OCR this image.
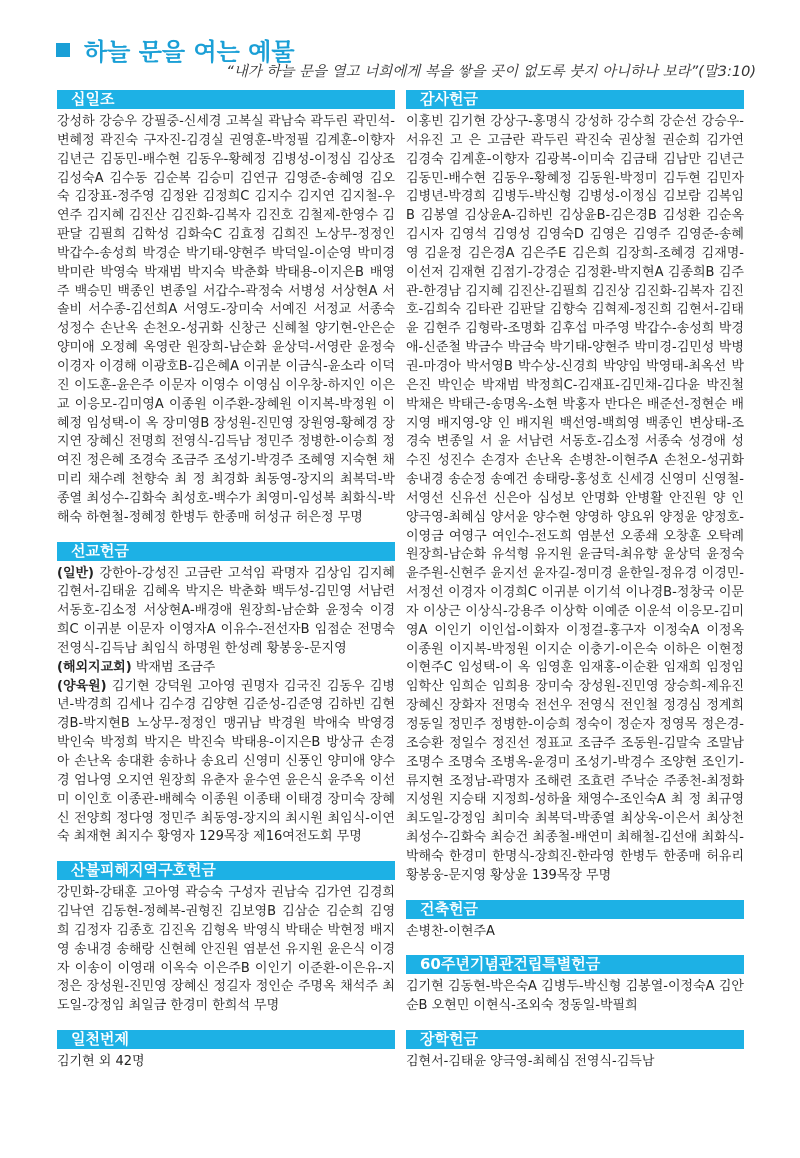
하늘 문을 여는 예물
“내가 하늘 문을 열고 너희에게 복을 쌓을 곳이 없도록 붓지 아니하나 보라”(말3:10)
십일조
강성하 강승우 강필중-신세경 고복실 곽남숙 곽두린 곽민석-변혜정 곽진숙 구자진-김경실 권영훈-박정필 김계훈-이향자 김년근 김동민-배수현 김동우-황혜정 김병성-이정심 김상조 김성숙A 김수동 김순복 김승미 김연규 김영준-송혜영 김오숙 김장표-정주영 김정완 김정희C 김지수 김지연 김지철-우연주 김지혜 김진산 김진화-김복자 김진호 김철제-한영수 김판달 김필희 김학성 김화숙C 김효정 김희진 노상무-정정인 박갑수-송성희 박경순 박기태-양현주 박덕일-이순영 박미경 박미란 박영숙 박재범 박지숙 박춘화 박태용-이지은B 배영주 백승민 백종인 변종일 서갑수-곽정숙 서병성 서상현A 서솔비 서수종-김선희A 서영도-장미숙 서예진 서정교 서종숙 성정수 손난옥 손천오-성귀화 신창근 신혜철 양기현-안은순 양미애 오정혜 옥영란 원장희-남순화 윤상덕-서영란 윤정숙 이경자 이경해 이광호B-김은혜A 이귀분 이금식-윤소라 이덕진 이도훈-윤은주 이문자 이영수 이영심 이우창-하지인 이은교 이응모-김미영A 이종원 이주환-장혜원 이지복-박정원 이혜정 임성택-이 옥 장미영B 장성원-진민영 장원영-황혜경 장지연 장혜신 전명희 전영식-김득남 정민주 정병한-이승희 정여진 정은혜 조경숙 조금주 조성기-박경주 조혜영 지숙현 채미리 채수례 천향숙 최 정 최경화 최동영-장지의 최복덕-박종열 최성수-김화숙 최성호-백수가 최영미-임성복 최화식-박해숙 하현철-정혜정 한병두 한종매 허성규 허은정 무명
선교헌금

(일반) 강한아-강성진 고금란 고석임 곽명자 김상임 김지혜 김현서-김태윤 김혜옥 박지은 박춘화 백두성-김민영 서남련 서동호-김소정 서상현A-배경애 원장희-남순화 윤정숙 이경희C 이귀분 이문자 이영자A 이유수-전선자B 임점순 전명숙 전영식-김득남 최임식 하명원 한성례 황봉웅-문지영

(해외지교회) 박재범 조금주

(양육원) 김기현 강덕원 고아영 권명자 김국진 김동우 김병년-박경희 김세나 김수경 김양현 김준성-김준영 김하빈 김현경B-박지현B 노상무-정정인 맹귀남 박경원 박애숙 박영경 박인숙 박정희 박지은 박진숙 박태용-이지은B 방상규 손경아 손난옥 송대환 송하나 송요리 신영미 신풍인 양미애 양수경 엄나영 오지연 원장희 유춘자 윤수연 윤은식 윤주옥 이선미 이인호 이종관-배혜숙 이종원 이종태 이태경 장미숙 장혜신 전양희 정다영 정민주 최동영-장지의 최시원 최임식-이연숙 최재현 최지수 황영자 129목장 제16여전도회 무명

산불피해지역구호헌금
강민화-강태훈 고아영 곽승숙 구성자 권남숙 김가연 김경희 김낙연 김동현-정혜복-권형진 김보영B 김삼순 김순희 김영희 김정자 김종호 김진옥 김형옥 박영식 박태순 박현정 배지영 송내경 송해랑 신현혜 안진원 염분선 유지원 윤은식 이경자 이송이 이영래 이옥숙 이은주B 이인기 이준환-이은유-지정은 장성원-진민영 장혜신 정길자 정인순 주명옥 채석주 최도일-강정임 최일금 한경미 한희석 무명
일천번제
김기현 외 42명
감사헌금
이홍빈 김기현 강상구-홍명식 강성하 강수희 강순선 강승우-서유진 고 은 고금란 곽두린 곽진숙 권상철 권순희 김가연 김경숙 김계훈-이향자 김광복-이미숙 김금태 김남만 김년근 김동민-배수현 김동우-황혜정 김동원-박정미 김두현 김민자 김병년-박경희 김병두-박신형 김병성-이정심 김보람 김복임B 김봉열 김상윤A-김하빈 김상윤B-김은경B 김성환 김순옥 김시자 김영석 김영성 김영숙D 김영은 김영주 김영준-송혜영 김윤정 김은경A 김은주E 김은희 김장희-조혜경 김재명-이선저 김재현 김점기-강경순 김정환-박지현A 김종희B 김주관-한경남 김지혜 김진산-김필희 김진상 김진화-김복자 김진호-김희숙 김타관 김판달 김향숙 김혁제-정진희 김현서-김태윤 김현주 김형락-조명화 김후섭 마주영 박갑수-송성희 박경애-신준철 박금수 박금숙 박기태-양현주 박미경-김민성 박병권-마경아 박서영B 박수상-신경희 박양임 박영태-최옥선 박은진 박인순 박재범 박정희C-김재표-김민채-김다윤 박진철 박채은 박태근-송명옥-소현 박홍자 반다은 배준선-정현순 배지영 배지영-양 인 배지원 백선영-백희영 백종인 변상태-조경숙 변종일 서 윤 서남련 서동호-김소정 서종숙 성경애 성수진 성진수 손경자 손난옥 손병찬-이현주A 손천오-성귀화 송내경 송순정 송예건 송태랑-홍성호 신세경 신영미 신영철-서영선 신유선 신은아 심성보 안명화 안병활 안진원 양 인 양극영-최혜심 양서윤 양수현 양영하 양요위 양정윤 양정호-이영금 여영구 여인수-전도희 염분선 오종쇄 오창훈 오탁례 원장희-남순화 유석형 유지원 윤금덕-최유향 윤상덕 윤정숙 윤주원-신현주 윤지선 윤자길-정미경 윤한일-정유경 이경민-서정선 이경자 이경희C 이귀분 이기석 이나경B-정창국 이문자 이상근 이상식-강용주 이상학 이예준 이운석 이응모-김미영A 이인기 이인섭-이화자 이정걸-홍구자 이정숙A 이정옥 이종원 이지복-박정원 이지순 이충기-이은숙 이하은 이현정 이현주C 임성택-이 옥 임영훈 임재홍-이순환 임재희 임정임 임학산 임희순 임희용 장미숙 장성원-진민영 장승희-제유진 장혜신 장화자 전명숙 전선우 전영식 전인철 정경심 정계희 정동일 정민주 정병한-이승희 정숙이 정순자 정영목 정은경-조승환 정일수 정진선 정표교 조금주 조동원-김말숙 조말남 조명수 조명숙 조병옥-윤경미 조성기-박경수 조양현 조인기-류지현 조정남-곽명자 조해련 조효련 주낙순 주종천-최정화 지성원 지승태 지정희-성하율 채영수-조인숙A 최 정 최규영 최도일-강정임 최미숙 최복덕-박종열 최상욱-이은서 최상천 최성수-김화숙 최승건 최종철-배연미 최해철-김선애 최화식-박해숙 한경미 한명식-장희진-한라영 한병두 한종매 허유리 황봉웅-문지영 황상윤 139목장 무명
건축헌금
손병찬-이현주A
60주년기념관건립특별헌금
김기현 김동현-박은숙A 김병두-박신형 김봉열-이정숙A 김안순B 오현민 이현식-조외숙 정동일-박필희
장학헌금
김현서-김태윤 양극영-최혜심 전영식-김득남
